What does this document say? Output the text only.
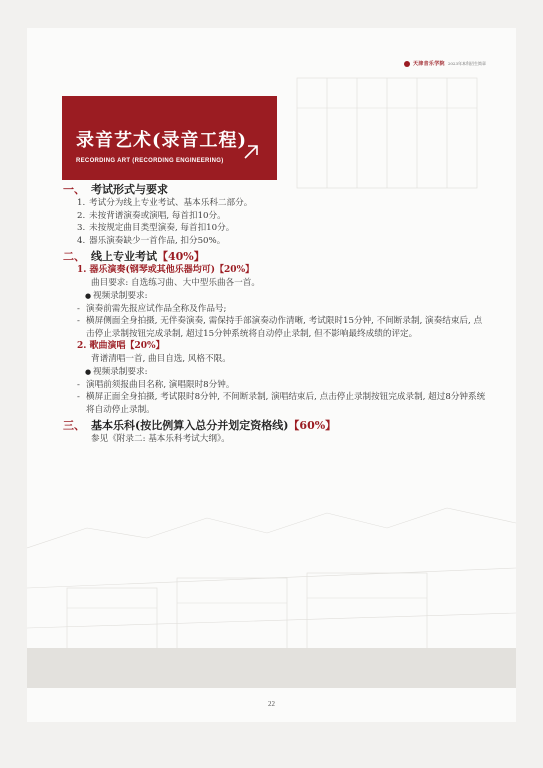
天津音乐学院 2023年本科招生简章
录音艺术(录音工程)
RECORDING ART (RECORDING ENGINEERING)
一、 考试形式与要求
1. 考试分为线上专业考试、基本乐科二部分。
2. 未按背谱演奏或演唱, 每首扣10分。
3. 未按规定曲目类型演奏, 每首扣10分。
4. 器乐演奏缺少一首作品, 扣分50%。
二、 线上专业考试 【40%】
1. 器乐演奏(钢琴或其他乐器均可)【20%】
曲目要求: 自选练习曲、大中型乐曲各一首。
● 视频录制要求:
- 演奏前需先报应试作品全称及作品号;
- 横屏侧面全身拍摄, 无伴奏演奏, 需保持手部演奏动作清晰, 考试限时15分钟, 不间断录制, 演奏结束后, 点击停止录制按钮完成录制, 超过15分钟系统将自动停止录制, 但不影响最终成绩的评定。
2. 歌曲演唱【20%】
背谱清唱一首, 曲目自选, 风格不限。
● 视频录制要求:
- 演唱前须报曲目名称, 演唱限时8分钟。
- 横屏正面全身拍摄, 考试限时8分钟, 不间断录制, 演唱结束后, 点击停止录制按钮完成录制, 超过8分钟系统将自动停止录制。
三、 基本乐科(按比例算入总分并划定资格线) 【60%】
参见《附录二: 基本乐科考试大纲》。
22
